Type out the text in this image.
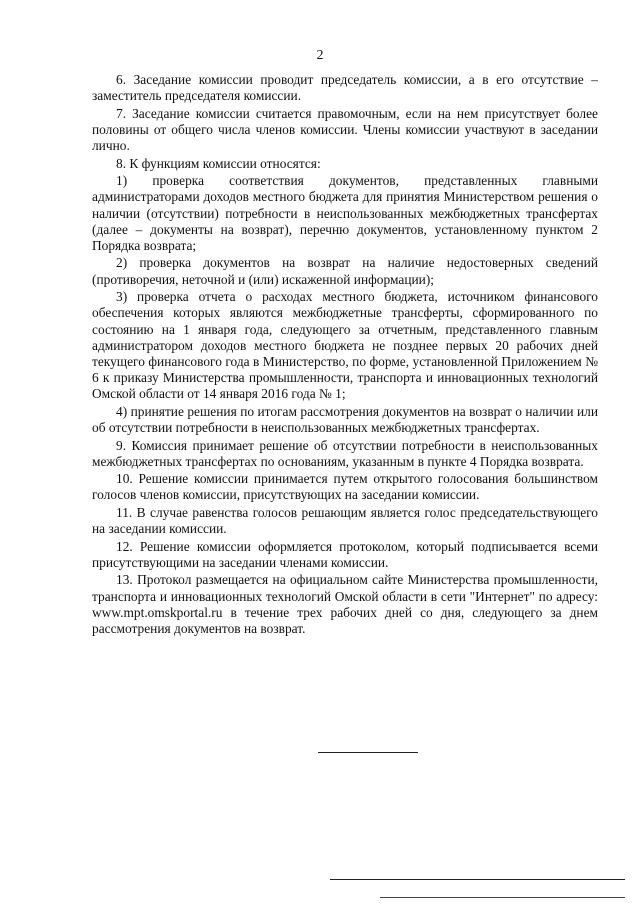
2

6. Заседание комиссии проводит председатель комиссии, а в его отсутствие – заместитель председателя комиссии.

7. Заседание комиссии считается правомочным, если на нем присутствует более половины от общего числа членов комиссии. Члены комиссии участвуют в заседании лично.

8. К функциям комиссии относятся:

1) проверка соответствия документов, представленных главными администраторами доходов местного бюджета для принятия Министерством решения о наличии (отсутствии) потребности в неиспользованных межбюджетных трансфертах (далее – документы на возврат), перечню документов, установленному пунктом 2 Порядка возврата;

2) проверка документов на возврат на наличие недостоверных сведений (противоречия, неточной и (или) искаженной информации);

3) проверка отчета о расходах местного бюджета, источником финансового обеспечения которых являются межбюджетные трансферты, сформированного по состоянию на 1 января года, следующего за отчетным, представленного главным администратором доходов местного бюджета не позднее первых 20 рабочих дней текущего финансового года в Министерство, по форме, установленной Приложением № 6 к приказу Министерства промышленности, транспорта и инновационных технологий Омской области от 14 января 2016 года № 1;

4) принятие решения по итогам рассмотрения документов на возврат о наличии или об отсутствии потребности в неиспользованных межбюджетных трансфертах.

9. Комиссия принимает решение об отсутствии потребности в неиспользованных межбюджетных трансфертах по основаниям, указанным в пункте 4 Порядка возврата.

10. Решение комиссии принимается путем открытого голосования большинством голосов членов комиссии, присутствующих на заседании комиссии.

11. В случае равенства голосов решающим является голос председательствующего на заседании комиссии.

12. Решение комиссии оформляется протоколом, который подписывается всеми присутствующими на заседании членами комиссии.

13. Протокол размещается на официальном сайте Министерства промышленности, транспорта и инновационных технологий Омской области в сети "Интернет" по адресу: www.mpt.omskportal.ru в течение трех рабочих дней со дня, следующего за днем рассмотрения документов на возврат.
